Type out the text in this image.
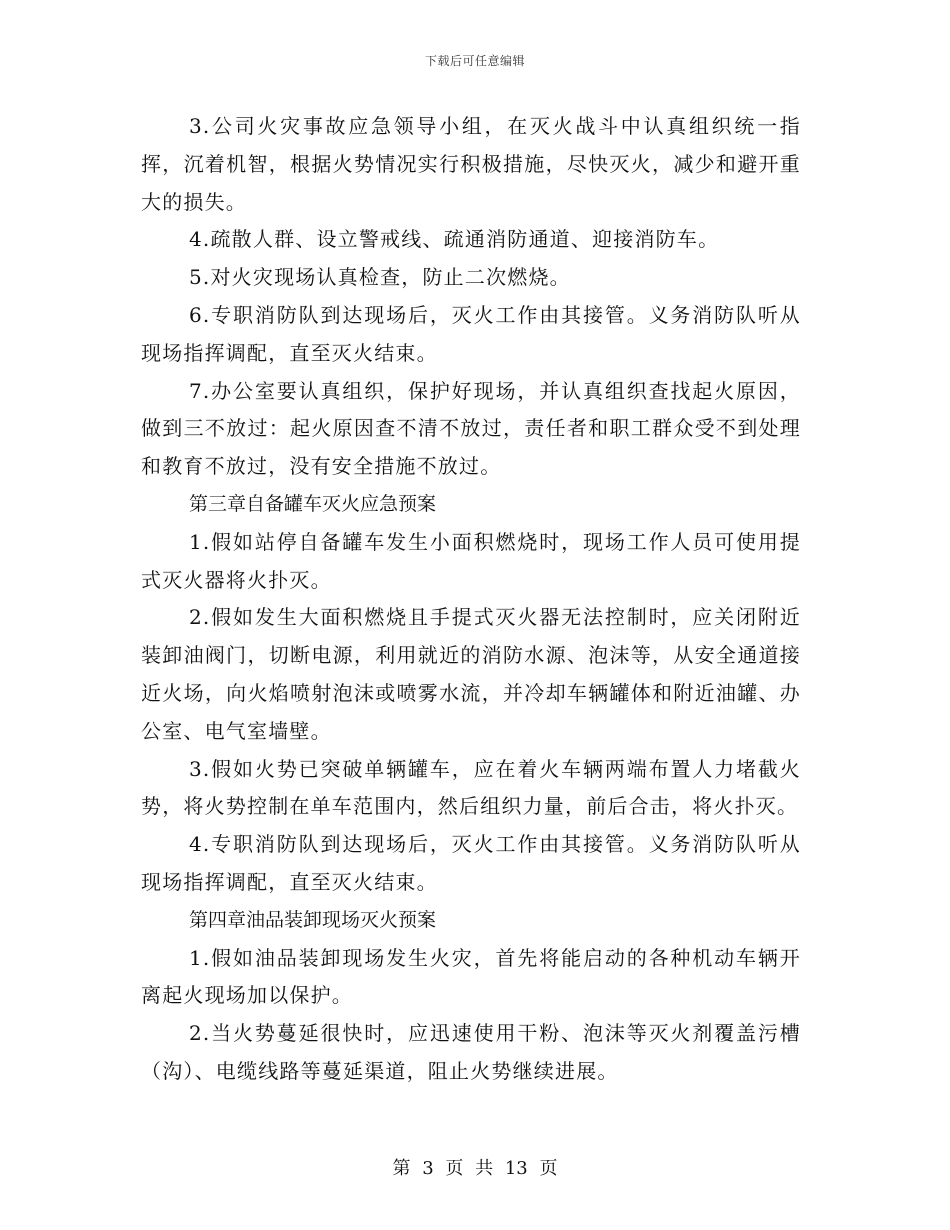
下载后可任意编辑

3.公司火灾事故应急领导小组，在灭火战斗中认真组织统一指挥，沉着机智，根据火势情况实行积极措施，尽快灭火，减少和避开重大的损失。

4.疏散人群、设立警戒线、疏通消防通道、迎接消防车。

5.对火灾现场认真检查，防止二次燃烧。

6.专职消防队到达现场后，灭火工作由其接管。义务消防队听从现场指挥调配，直至灭火结束。

7.办公室要认真组织，保护好现场，并认真组织查找起火原因，做到三不放过：起火原因查不清不放过，责任者和职工群众受不到处理和教育不放过，没有安全措施不放过。

第三章自备罐车灭火应急预案

1.假如站停自备罐车发生小面积燃烧时，现场工作人员可使用提式灭火器将火扑灭。

2.假如发生大面积燃烧且手提式灭火器无法控制时，应关闭附近装卸油阀门，切断电源，利用就近的消防水源、泡沫等，从安全通道接近火场，向火焰喷射泡沫或喷雾水流，并冷却车辆罐体和附近油罐、办公室、电气室墙壁。

3.假如火势已突破单辆罐车，应在着火车辆两端布置人力堵截火势，将火势控制在单车范围内，然后组织力量，前后合击，将火扑灭。

4.专职消防队到达现场后，灭火工作由其接管。义务消防队听从现场指挥调配，直至灭火结束。

第四章油品装卸现场灭火预案

1.假如油品装卸现场发生火灾，首先将能启动的各种机动车辆开离起火现场加以保护。

2.当火势蔓延很快时，应迅速使用干粉、泡沫等灭火剂覆盖污槽（沟）、电缆线路等蔓延渠道，阻止火势继续进展。

第 3 页 共 13 页
